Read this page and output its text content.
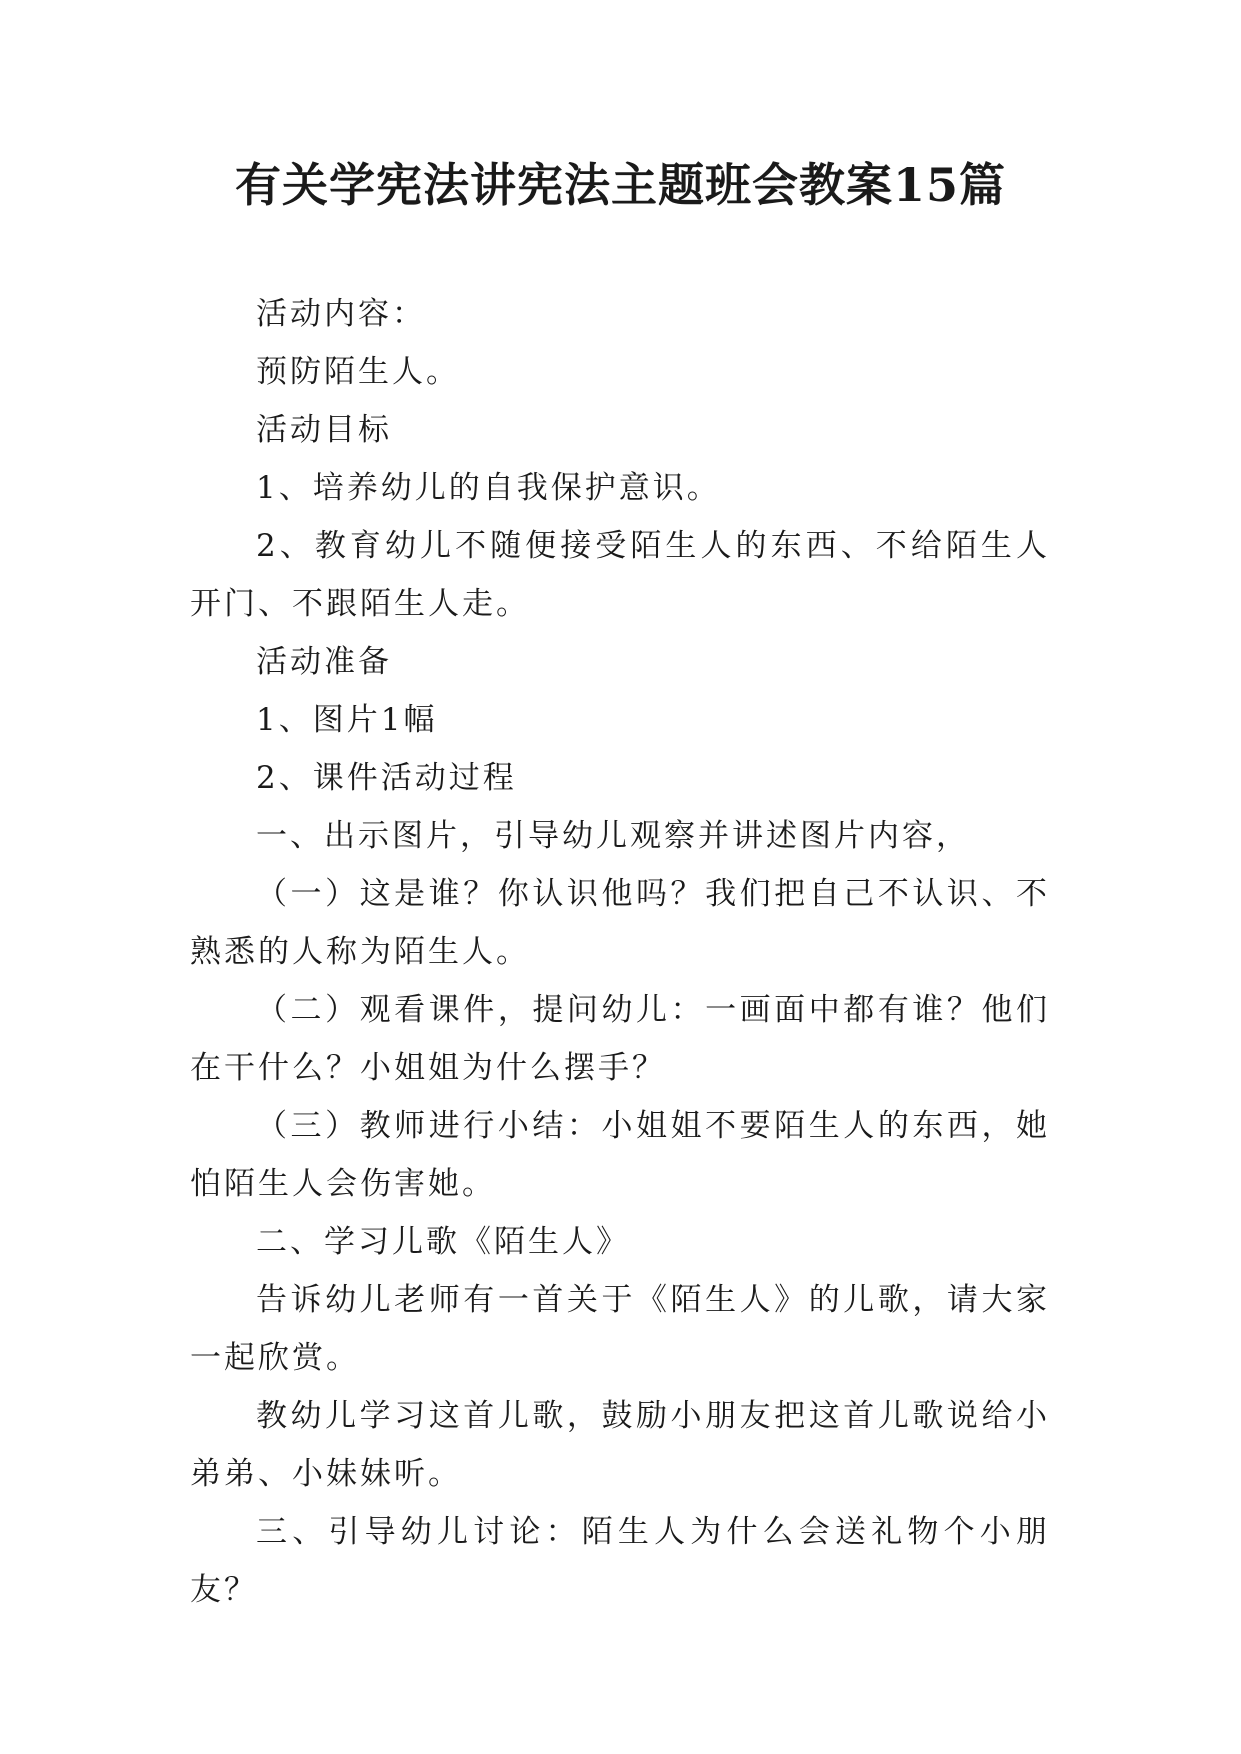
有关学宪法讲宪法主题班会教案15篇

活动内容：

预防陌生人。

活动目标

1、培养幼儿的自我保护意识。

2、教育幼儿不随便接受陌生人的东西、不给陌生人开门、不跟陌生人走。

活动准备

1、图片1幅

2、课件活动过程

一、出示图片，引导幼儿观察并讲述图片内容，

（一）这是谁？你认识他吗？我们把自己不认识、不熟悉的人称为陌生人。

（二）观看课件，提问幼儿：一画面中都有谁？他们在干什么？小姐姐为什么摆手？

（三）教师进行小结：小姐姐不要陌生人的东西，她怕陌生人会伤害她。

二、学习儿歌《陌生人》

告诉幼儿老师有一首关于《陌生人》的儿歌，请大家一起欣赏。

教幼儿学习这首儿歌，鼓励小朋友把这首儿歌说给小弟弟、小妹妹听。

三、引导幼儿讨论：陌生人为什么会送礼物个小朋友？
